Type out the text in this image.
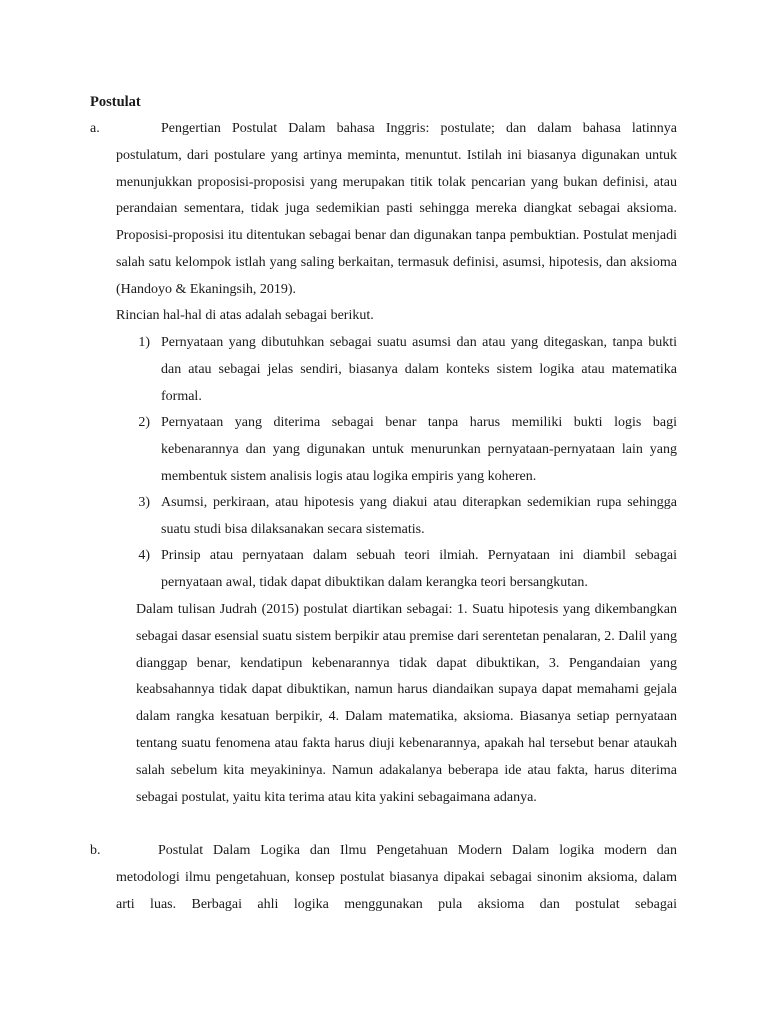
Postulat
a.	Pengertian Postulat Dalam bahasa Inggris: postulate; dan dalam bahasa latinnya postulatum, dari postulare yang artinya meminta, menuntut. Istilah ini biasanya digunakan untuk menunjukkan proposisi-proposisi yang merupakan titik tolak pencarian yang bukan definisi, atau perandaian sementara, tidak juga sedemikian pasti sehingga mereka diangkat sebagai aksioma. Proposisi-proposisi itu ditentukan sebagai benar dan digunakan tanpa pembuktian. Postulat menjadi salah satu kelompok istlah yang saling berkaitan, termasuk definisi, asumsi, hipotesis, dan aksioma (Handoyo & Ekaningsih, 2019).

Rincian hal-hal di atas adalah sebagai berikut.

1) Pernyataan yang dibutuhkan sebagai suatu asumsi dan atau yang ditegaskan, tanpa bukti dan atau sebagai jelas sendiri, biasanya dalam konteks sistem logika atau matematika formal.

2) Pernyataan yang diterima sebagai benar tanpa harus memiliki bukti logis bagi kebenarannya dan yang digunakan untuk menurunkan pernyataan-pernyataan lain yang membentuk sistem analisis logis atau logika empiris yang koheren.

3) Asumsi, perkiraan, atau hipotesis yang diakui atau diterapkan sedemikian rupa sehingga suatu studi bisa dilaksanakan secara sistematis.

4) Prinsip atau pernyataan dalam sebuah teori ilmiah. Pernyataan ini diambil sebagai pernyataan awal, tidak dapat dibuktikan dalam kerangka teori bersangkutan.

Dalam tulisan Judrah (2015) postulat diartikan sebagai: 1. Suatu hipotesis yang dikembangkan sebagai dasar esensial suatu sistem berpikir atau premise dari serentetan penalaran, 2. Dalil yang dianggap benar, kendatipun kebenarannya tidak dapat dibuktikan, 3. Pengandaian yang keabsahannya tidak dapat dibuktikan, namun harus diandaikan supaya dapat memahami gejala dalam rangka kesatuan berpikir, 4. Dalam matematika, aksioma. Biasanya setiap pernyataan tentang suatu fenomena atau fakta harus diuji kebenarannya, apakah hal tersebut benar ataukah salah sebelum kita meyakininya. Namun adakalanya beberapa ide atau fakta, harus diterima sebagai postulat, yaitu kita terima atau kita yakini sebagaimana adanya.

b.	Postulat Dalam Logika dan Ilmu Pengetahuan Modern Dalam logika modern dan metodologi ilmu pengetahuan, konsep postulat biasanya dipakai sebagai sinonim aksioma, dalam arti luas. Berbagai ahli logika menggunakan pula aksioma dan postulat sebagai
